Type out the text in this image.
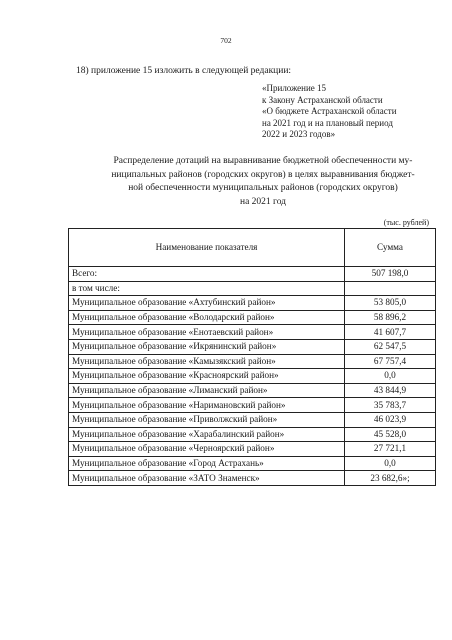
702
18) приложение 15 изложить в следующей редакции:
«Приложение 15
к Закону Астраханской области
«О бюджете Астраханской области
на 2021 год и на плановый период
2022 и 2023 годов»
Распределение дотаций на выравнивание бюджетной обеспеченности му-
ниципальных районов (городских округов) в целях выравнивания бюджет-
ной обеспеченности муниципальных районов (городских округов)
на 2021 год
(тыс. рублей)
Наименование показателя	Сумма
Всего:	507 198,0
в том числе:	
Муниципальное образование «Ахтубинский район»	53 805,0
Муниципальное образование «Володарский район»	58 896,2
Муниципальное образование «Енотаевский район»	41 607,7
Муниципальное образование «Икрянинский район»	62 547,5
Муниципальное образование «Камызякский район»	67 757,4
Муниципальное образование «Красноярский район»	0,0
Муниципальное образование «Лиманский район»	43 844,9
Муниципальное образование «Наримановский район»	35 783,7
Муниципальное образование «Приволжский район»	46 023,9
Муниципальное образование «Харабалинский район»	45 528,0
Муниципальное образование «Черноярский район»	27 721,1
Муниципальное образование «Город Астрахань»	0,0
Муниципальное образование «ЗАТО Знаменск»	23 682,6»;
